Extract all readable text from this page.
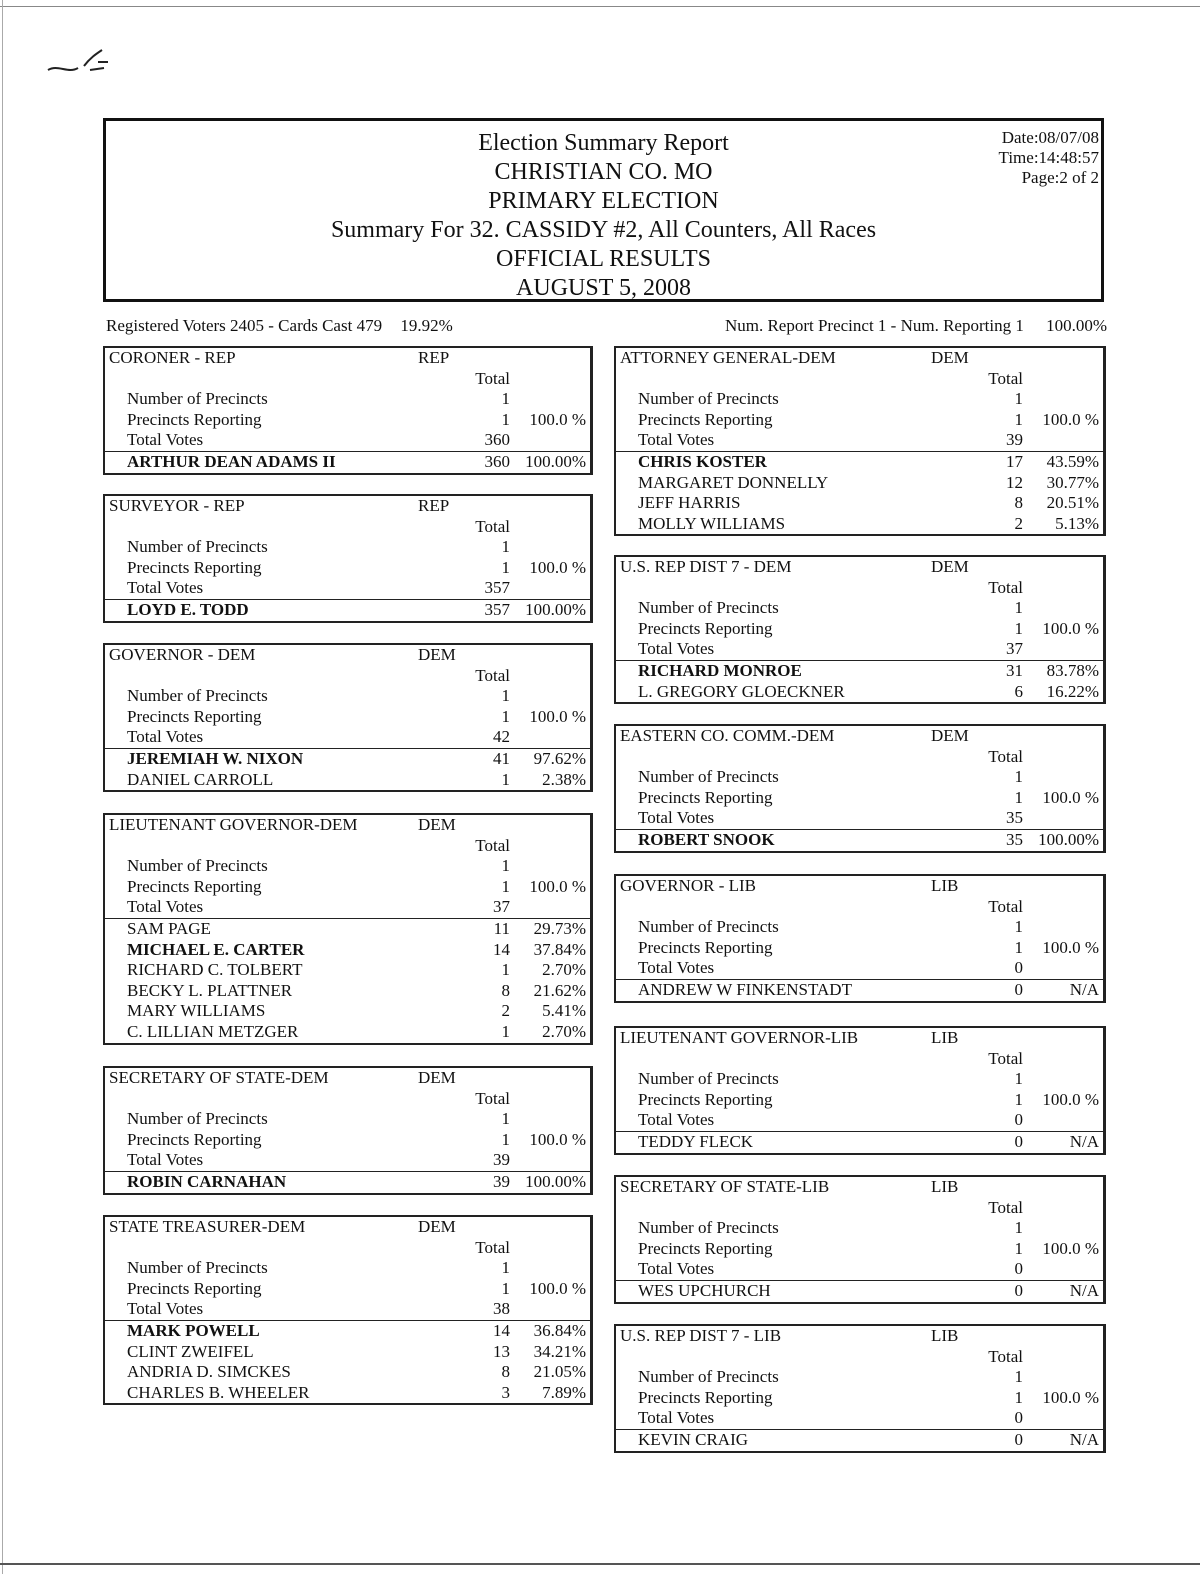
Election Summary Report
CHRISTIAN CO. MO
PRIMARY ELECTION
Summary For 32. CASSIDY #2, All Counters, All Races
OFFICIAL RESULTS
AUGUST 5, 2008
Date:08/07/08
Time:14:48:57
Page:2 of 2
Registered Voters 2405 - Cards Cast 479 19.92%	Num. Report Precinct 1 - Num. Reporting 1 100.00%
CORONER - REP	REP
Total
Number of Precincts	1
Precincts Reporting	1 100.0 %
Total Votes	360
ARTHUR DEAN ADAMS II	360 100.00%
SURVEYOR - REP	REP
Total
Number of Precincts	1
Precincts Reporting	1 100.0 %
Total Votes	357
LOYD E. TODD	357 100.00%
GOVERNOR - DEM	DEM
Total
Number of Precincts	1
Precincts Reporting	1 100.0 %
Total Votes	42
JEREMIAH W. NIXON	41 97.62%
DANIEL CARROLL	1 2.38%
LIEUTENANT GOVERNOR-DEM	DEM
Total
Number of Precincts	1
Precincts Reporting	1 100.0 %
Total Votes	37
SAM PAGE	11 29.73%
MICHAEL E. CARTER	14 37.84%
RICHARD C. TOLBERT	1 2.70%
BECKY L. PLATTNER	8 21.62%
MARY WILLIAMS	2 5.41%
C. LILLIAN METZGER	1 2.70%
SECRETARY OF STATE-DEM	DEM
Total
Number of Precincts	1
Precincts Reporting	1 100.0 %
Total Votes	39
ROBIN CARNAHAN	39 100.00%
STATE TREASURER-DEM	DEM
Total
Number of Precincts	1
Precincts Reporting	1 100.0 %
Total Votes	38
MARK POWELL	14 36.84%
CLINT ZWEIFEL	13 34.21%
ANDRIA D. SIMCKES	8 21.05%
CHARLES B. WHEELER	3 7.89%
ATTORNEY GENERAL-DEM	DEM
Total
Number of Precincts	1
Precincts Reporting	1 100.0 %
Total Votes	39
CHRIS KOSTER	17 43.59%
MARGARET DONNELLY	12 30.77%
JEFF HARRIS	8 20.51%
MOLLY WILLIAMS	2 5.13%
U.S. REP DIST 7 - DEM	DEM
Total
Number of Precincts	1
Precincts Reporting	1 100.0 %
Total Votes	37
RICHARD MONROE	31 83.78%
L. GREGORY GLOECKNER	6 16.22%
EASTERN CO. COMM.-DEM	DEM
Total
Number of Precincts	1
Precincts Reporting	1 100.0 %
Total Votes	35
ROBERT SNOOK	35 100.00%
GOVERNOR - LIB	LIB
Total
Number of Precincts	1
Precincts Reporting	1 100.0 %
Total Votes	0
ANDREW W FINKENSTADT	0	N/A
LIEUTENANT GOVERNOR-LIB	LIB
Total
Number of Precincts	1
Precincts Reporting	1 100.0 %
Total Votes	0
TEDDY FLECK	0	N/A
SECRETARY OF STATE-LIB	LIB
Total
Number of Precincts	1
Precincts Reporting	1 100.0 %
Total Votes	0
WES UPCHURCH	0	N/A
U.S. REP DIST 7 - LIB	LIB
Total
Number of Precincts	1
Precincts Reporting	1 100.0 %
Total Votes	0
KEVIN CRAIG	0	N/A
